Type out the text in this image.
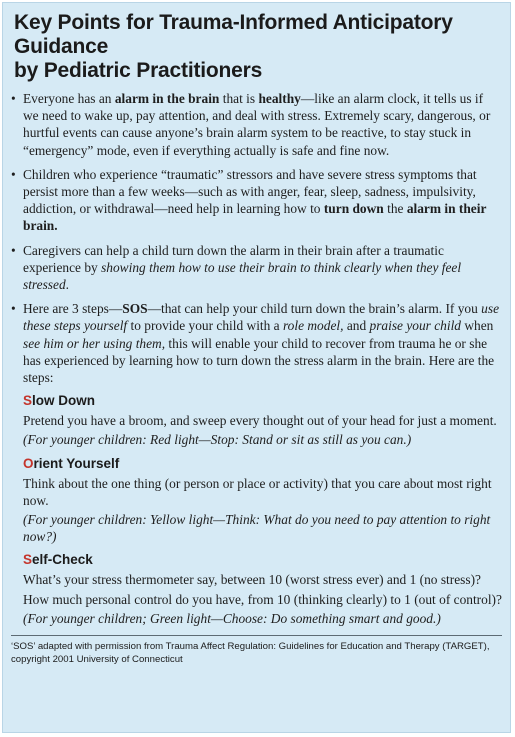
Key Points for Trauma-Informed Anticipatory Guidance
by Pediatric Practitioners
• Everyone has an alarm in the brain that is healthy—like an alarm clock, it tells us if we need to wake up, pay attention, and deal with stress. Extremely scary, dangerous, or hurtful events can cause anyone’s brain alarm system to be reactive, to stay stuck in “emergency” mode, even if everything actually is safe and fine now.
• Children who experience “traumatic” stressors and have severe stress symptoms that persist more than a few weeks—such as with anger, fear, sleep, sadness, impulsivity, addiction, or withdrawal—need help in learning how to turn down the alarm in their brain.
• Caregivers can help a child turn down the alarm in their brain after a traumatic experience by showing them how to use their brain to think clearly when they feel stressed.
• Here are 3 steps—SOS—that can help your child turn down the brain’s alarm. If you use these steps yourself to provide your child with a role model, and praise your child when see him or her using them, this will enable your child to recover from trauma he or she has experienced by learning how to turn down the stress alarm in the brain. Here are the steps:
Slow Down

Pretend you have a broom, and sweep every thought out of your head for just a moment.

(For younger children: Red light—Stop: Stand or sit as still as you can.)

Orient Yourself

Think about the one thing (or person or place or activity) that you care about most right now.

(For younger children: Yellow light—Think: What do you need to pay attention to right now?)

Self-Check

What’s your stress thermometer say, between 10 (worst stress ever) and 1 (no stress)?

How much personal control do you have, from 10 (thinking clearly) to 1 (out of control)?

(For younger children; Green light—Choose: Do something smart and good.)

‘SOS’ adapted with permission from Trauma Affect Regulation: Guidelines for Education and Therapy (TARGET), copyright 2001 University of Connecticut
